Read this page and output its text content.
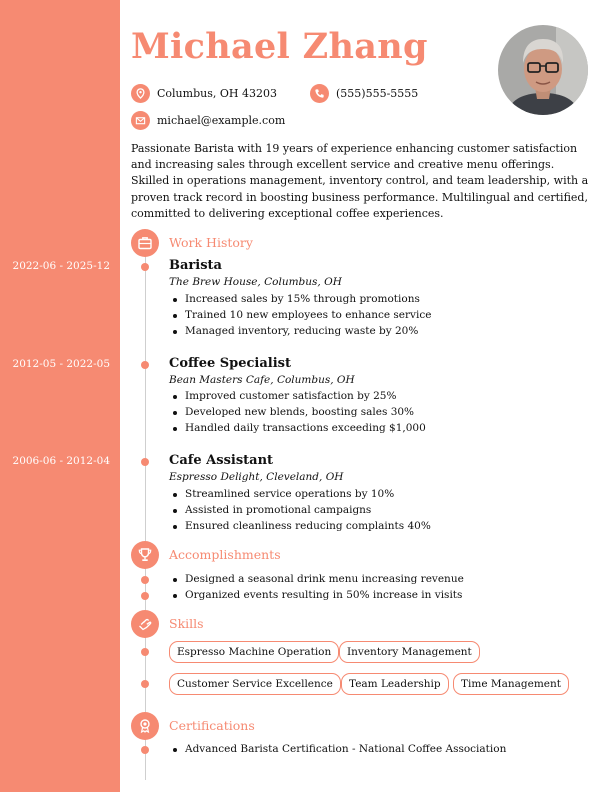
Michael Zhang
Columbus, OH 43203	(555)555-5555
michael@example.com
Passionate Barista with 19 years of experience enhancing customer satisfaction and increasing sales through excellent service and creative menu offerings. Skilled in operations management, inventory control, and team leadership, with a proven track record in boosting business performance. Multilingual and certified, committed to delivering exceptional coffee experiences.
Work History
2022-06 - 2025-12	Barista
The Brew House, Columbus, OH
Increased sales by 15% through promotions
Trained 10 new employees to enhance service
Managed inventory, reducing waste by 20%
2012-05 - 2022-05	Coffee Specialist
Bean Masters Cafe, Columbus, OH
Improved customer satisfaction by 25%
Developed new blends, boosting sales 30%
Handled daily transactions exceeding $1,000
2006-06 - 2012-04	Cafe Assistant
Espresso Delight, Cleveland, OH
Streamlined service operations by 10%
Assisted in promotional campaigns
Ensured cleanliness reducing complaints 40%
Accomplishments
Designed a seasonal drink menu increasing revenue
Organized events resulting in 50% increase in visits
Skills
Espresso Machine Operation	Inventory Management
Customer Service Excellence	Team Leadership	Time Management
Certifications
Advanced Barista Certification - National Coffee Association
